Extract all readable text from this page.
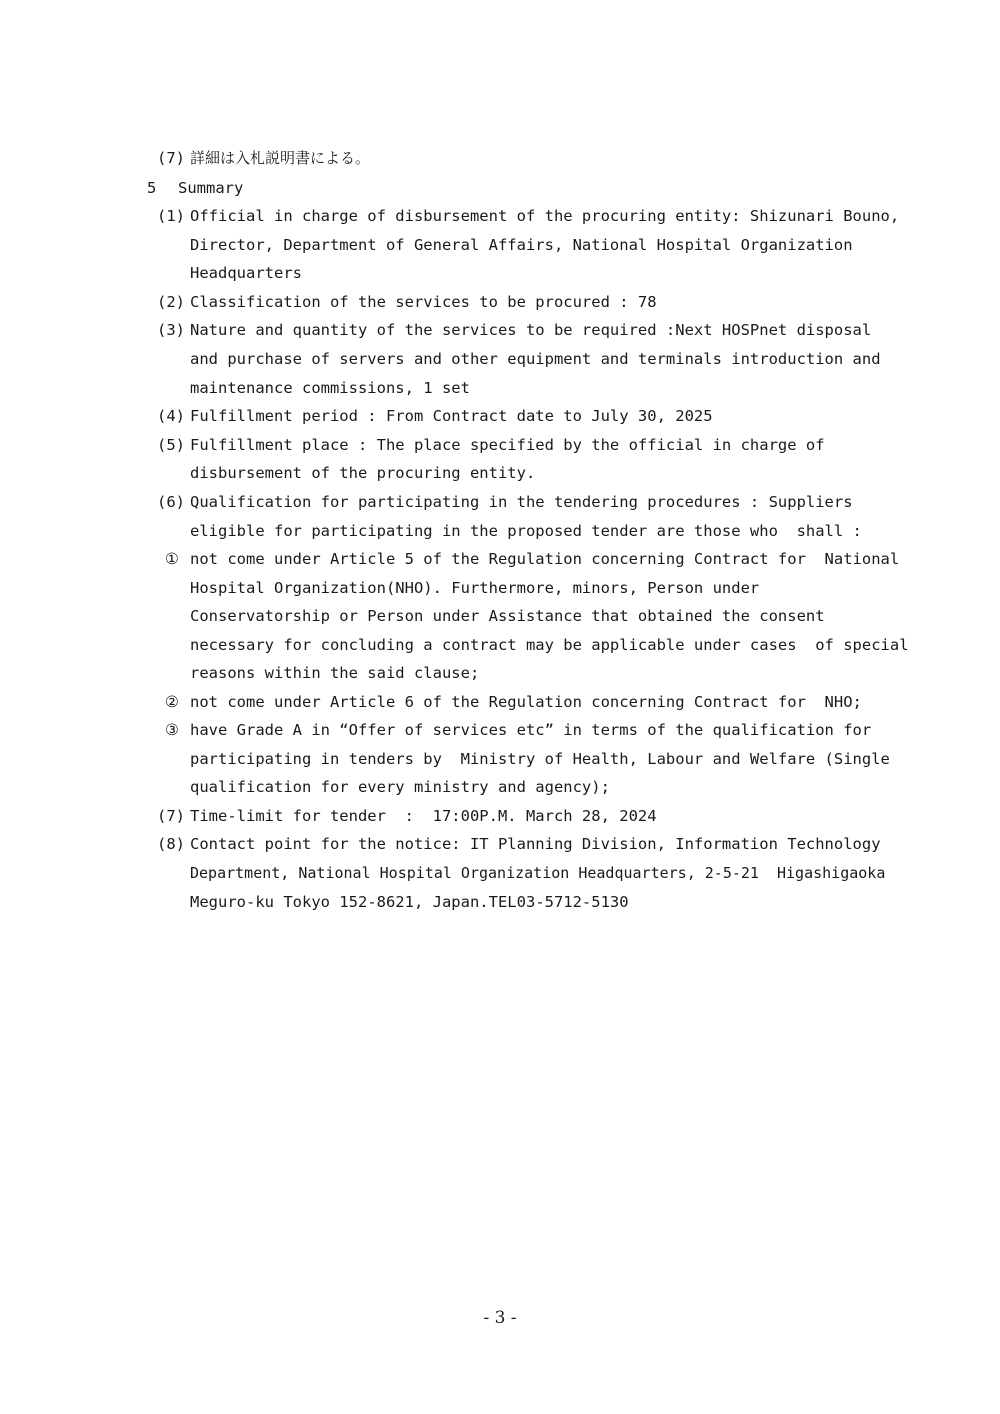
(7) 詳細は入札説明書による。
5 Summary
(1) Official in charge of disbursement of the procuring entity: Shizunari Bouno,
Director, Department of General Affairs, National Hospital Organization
Headquarters
(2) Classification of the services to be procured : 78
(3) Nature and quantity of the services to be required :Next HOSPnet disposal
and purchase of servers and other equipment and terminals introduction and
maintenance commissions, 1 set
(4) Fulfillment period : From Contract date to July 30, 2025
(5) Fulfillment place : The place specified by the official in charge of
disbursement of the procuring entity.
(6) Qualification for participating in the tendering procedures : Suppliers
eligible for participating in the proposed tender are those who  shall :
① not come under Article 5 of the Regulation concerning Contract for  National
Hospital Organization(NHO). Furthermore, minors, Person under
Conservatorship or Person under Assistance that obtained the consent
necessary for concluding a contract may be applicable under cases  of special
reasons within the said clause;
② not come under Article 6 of the Regulation concerning Contract for  NHO;
③ have Grade A in “Offer of services etc” in terms of the qualification for
participating in tenders by  Ministry of Health, Labour and Welfare (Single
qualification for every ministry and agency);
(7) Time-limit for tender  :  17:00P.M. March 28, 2024
(8) Contact point for the notice: IT Planning Division, Information Technology
Department, National Hospital Organization Headquarters, 2-5-21  Higashigaoka
Meguro-ku Tokyo 152-8621, Japan.TEL03-5712-5130
- 3 -
